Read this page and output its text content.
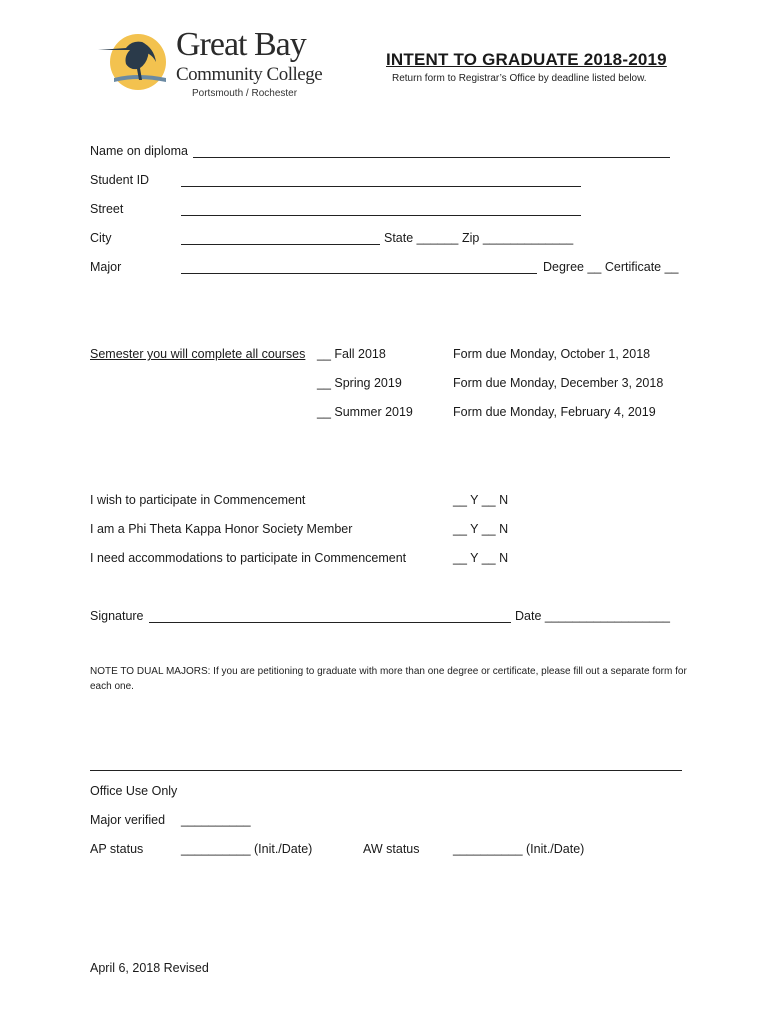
Great Bay
Community College
Portsmouth / Rochester
INTENT TO GRADUATE 2018-2019
Return form to Registrar’s Office by deadline listed below.
Name on diploma
Student ID
Street
City	State ______ Zip _____________
Major	Degree __ Certificate __
Semester you will complete all courses __ Fall 2018	Form due Monday, October 1, 2018
__ Spring 2019	Form due Monday, December 3, 2018
__ Summer 2019	Form due Monday, February 4, 2019
I wish to participate in Commencement	__ Y __ N
I am a Phi Theta Kappa Honor Society Member	__ Y __ N
I need accommodations to participate in Commencement	__ Y __ N
Signature	Date __________________
NOTE TO DUAL MAJORS: If you are petitioning to graduate with more than one degree or certificate, please fill out a separate form for each one.
Office Use Only
Major verified __________
AP status	__________ (Init./Date)	AW status	__________ (Init./Date)
April 6, 2018 Revised
